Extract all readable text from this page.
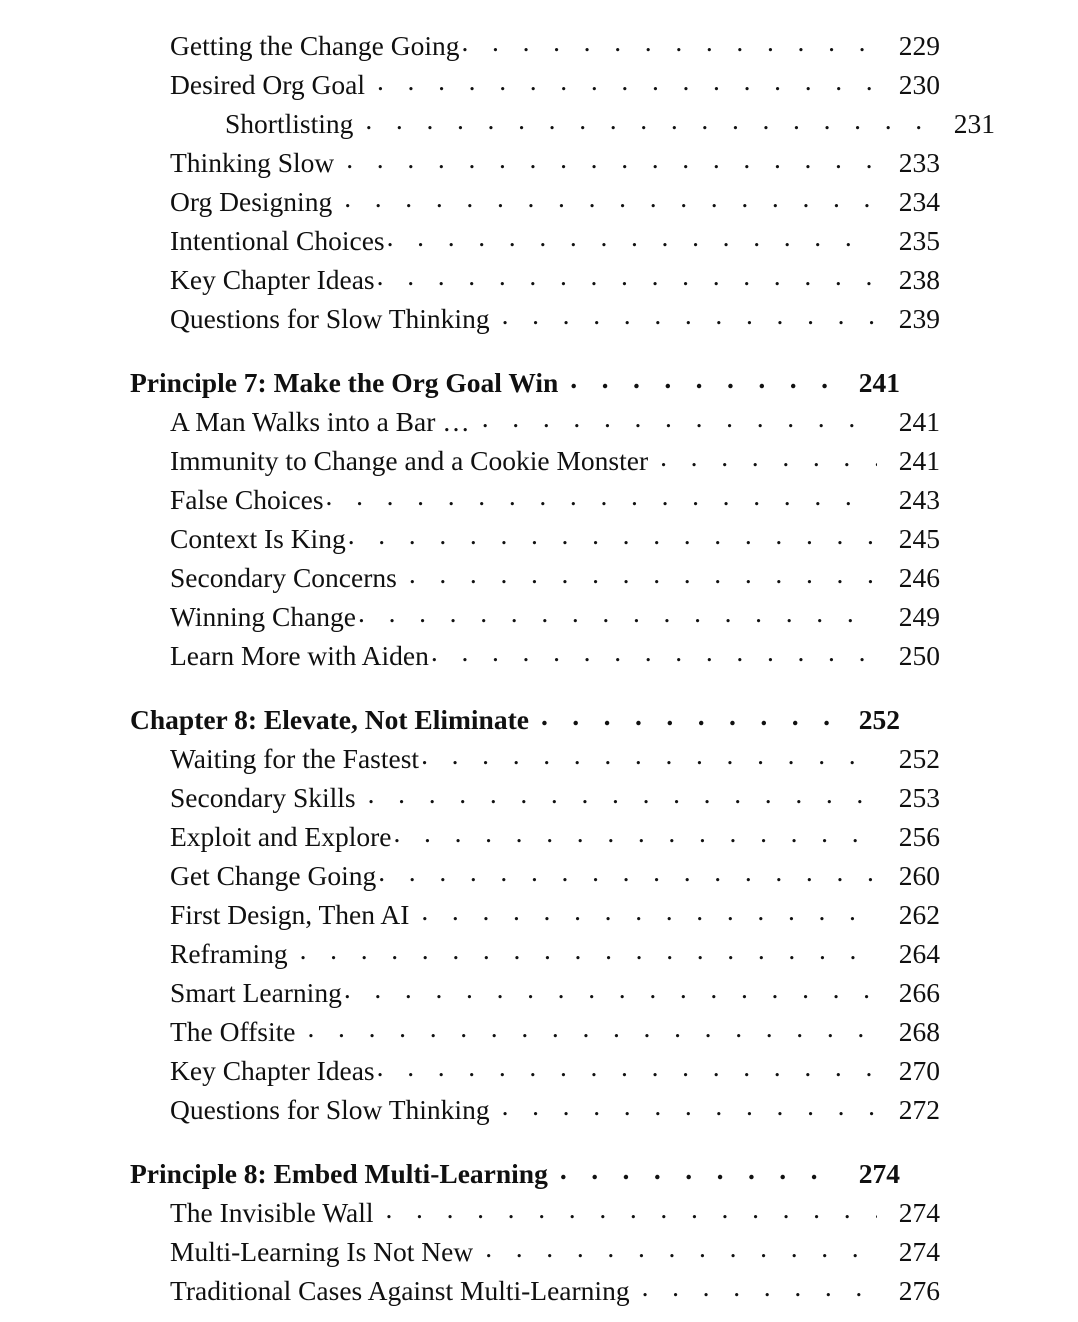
Getting the Change Going . . .	229
Desired Org Goal . . .	230
Shortlisting . . .	231
Thinking Slow . . .	233
Org Designing . . .	234
Intentional Choices . . .	235
Key Chapter Ideas . . .	238
Questions for Slow Thinking . . .	239
Principle 7: Make the Org Goal Win . . .	241
A Man Walks into a Bar … . . .	241
Immunity to Change and a Cookie Monster . . .	241
False Choices . . .	243
Context Is King . . .	245
Secondary Concerns . . .	246
Winning Change . . .	249
Learn More with Aiden . . .	250
Chapter 8: Elevate, Not Eliminate . . .	252
Waiting for the Fastest . . .	252
Secondary Skills . . .	253
Exploit and Explore . . .	256
Get Change Going . . .	260
First Design, Then AI . . .	262
Reframing . . .	264
Smart Learning . . .	266
The Offsite . . .	268
Key Chapter Ideas . . .	270
Questions for Slow Thinking . . .	272
Principle 8: Embed Multi-Learning . . .	274
The Invisible Wall . . .	274
Multi-Learning Is Not New . . .	274
Traditional Cases Against Multi-Learning . . .	276
